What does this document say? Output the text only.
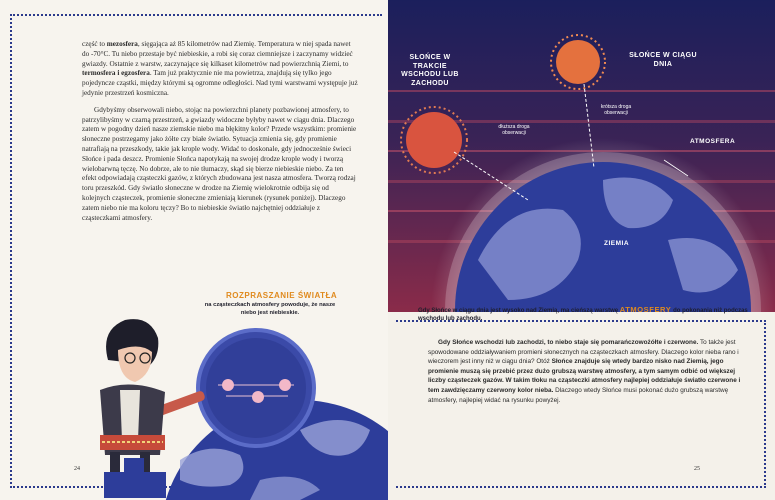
część to mezosfera, sięgająca aż 85 kilometrów nad Ziemię. Temperatura w niej spada nawet do -70°C. Tu niebo przestaje być niebieskie, a robi się coraz ciemniejsze i zaczynamy widzieć gwiazdy. Ostatnie z warstw, zaczynające się kilkaset kilometrów nad powierzchnią Ziemi, to termosfera i egzosfera. Tam już praktycznie nie ma powietrza, znajdują się tylko jego pojedyncze cząstki, między którymi są ogromne odległości. Nad tymi warstwami występuje już jedynie przestrzeń kosmiczna.

Gdybyśmy obserwowali niebo, stojąc na powierzchni planety pozbawionej atmosfery, to patrzylibyśmy w czarną przestrzeń, a gwiazdy widoczne byłyby nawet w ciągu dnia. Dlaczego zatem w pogodny dzień nasze ziemskie niebo ma błękitny kolor? Przede wszystkim: promienie słoneczne postrzegamy jako żółte czy białe światło. Sytuacja zmienia się, gdy promienie natrafiają na przeszkody, takie jak krople wody. Widać to doskonale, gdy jednocześnie świeci Słońce i pada deszcz. Promienie Słońca napotykają na swojej drodze krople wody i tworzą wielobarwną tęczę. No dobrze, ale to nie tłumaczy, skąd się bierze niebieskie niebo. Za ten efekt odpowiadają cząsteczki gazów, z których zbudowana jest nasza atmosfera. Tworzą rodzaj toru przeszkód. Gdy światło słoneczne w drodze na Ziemię wielokrotnie odbija się od kolejnych cząsteczek, promienie słoneczne zmieniają kierunek (rysunek poniżej). Dlaczego zatem niebo nie ma koloru tęczy? Bo to niebieskie światło najchętniej oddziałuje z cząsteczkami atmosfery.

ROZPRASZANIE ŚWIATŁA
na cząsteczkach atmosfery powoduje, że nasze niebo jest niebieskie.
24
SŁOŃCE W TRAKCIE WSCHODU LUB ZACHODU
SŁOŃCE W CIĄGU DNIA
dłuższa droga obserwacji
krótsza droga obserwacji
ATMOSFERA
ZIEMIA
Gdy Słońce w ciągu dnia jest wysoko nad Ziemią, ma cieńszą warstwę ATMOSFERY do pokonania niż podczas wschodu lub zachodu.

Gdy Słońce wschodzi lub zachodzi, to niebo staje się pomarańczowożółte i czerwone. To także jest spowodowane oddziaływaniem promieni słonecznych na cząsteczkach atmosfery. Dlaczego kolor nieba rano i wieczorem jest inny niż w ciągu dnia? Otóż Słońce znajduje się wtedy bardzo nisko nad Ziemią, jego promienie muszą się przebić przez dużo grubszą warstwę atmosfery, a tym samym odbić od większej liczby cząsteczek gazów. W takim tłoku na cząsteczki atmosfery najlepiej oddziałuje światło czerwone i tem zawdzięczamy czerwony kolor nieba. Dlaczego wtedy Słońce musi pokonać dużo grubszą warstwę atmosfery, najlepiej widać na rysunku powyżej.

25
